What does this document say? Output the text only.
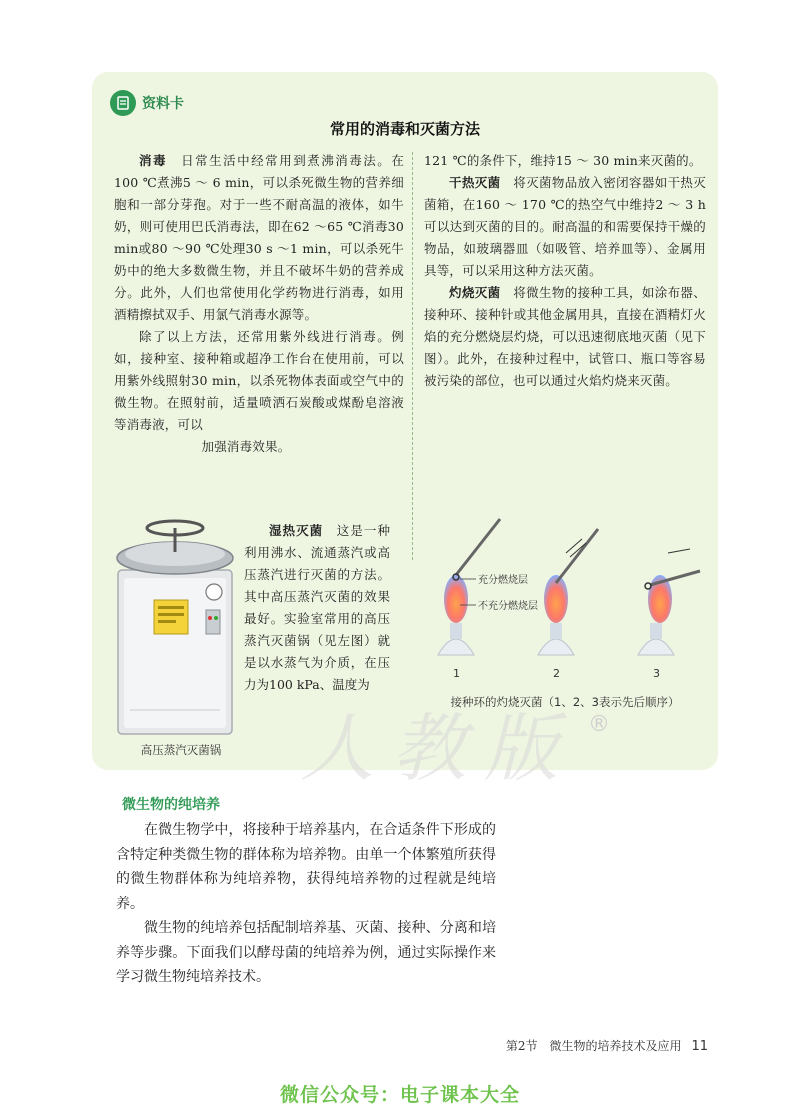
资料卡
常用的消毒和灭菌方法

消毒　 日常生活中经常用到煮沸消毒法。在100 ℃煮沸5 ～ 6 min，可以杀死微生物的营养细胞和一部分芽孢。对于一些不耐高温的液体，如牛奶，则可使用巴氏消毒法，即在62 ～65 ℃消毒30 min或80 ～90 ℃处理30 s ～1 min，可以杀死牛奶中的绝大多数微生物，并且不破坏牛奶的营养成分。此外，人们也常使用化学药物进行消毒，如用酒精擦拭双手、用氯气消毒水源等。

除了以上方法，还常用紫外线进行消毒。例如，接种室、接种箱或超净工作台在使用前，可以用紫外线照射30 min，以杀死物体表面或空气中的微生物。在照射前，适量喷洒石炭酸或煤酚皂溶液等消毒液，可以

加强消毒效果。

湿热灭菌　 这是一种利用沸水、流通蒸汽或高压蒸汽进行灭菌的方法。其中高压蒸汽灭菌的效果最好。实验室常用的高压蒸汽灭菌锅（见左图）就是以水蒸气为介质，在压力为100 kPa、温度为

高压蒸汽灭菌锅

121 ℃的条件下，维持15 ～ 30 min来灭菌的。

干热灭菌　 将灭菌物品放入密闭容器如干热灭菌箱，在160 ～ 170 ℃的热空气中维持2 ～ 3 h可以达到灭菌的目的。耐高温的和需要保持干燥的物品，如玻璃器皿（如吸管、培养皿等）、金属用具等，可以采用这种方法灭菌。

灼烧灭菌　 将微生物的接种工具，如涂布器、接种环、接种针或其他金属用具，直接在酒精灯火焰的充分燃烧层灼烧，可以迅速彻底地灭菌（见下图）。此外，在接种过程中，试管口、瓶口等容易被污染的部位，也可以通过火焰灼烧来灭菌。

充分燃烧层
不充分燃烧层
1	2	3
接种环的灼烧灭菌（1、2、3表示先后顺序）
人教版 ®
微生物的纯培养

在微生物学中，将接种于培养基内，在合适条件下形成的含特定种类微生物的群体称为培养物。由单一个体繁殖所获得的微生物群体称为纯培养物，获得纯培养物的过程就是纯培养。

微生物的纯培养包括配制培养基、灭菌、接种、分离和培养等步骤。下面我们以酵母菌的纯培养为例，通过实际操作来学习微生物纯培养技术。

第2节　微生物的培养技术及应用 11
微信公众号：电子课本大全
